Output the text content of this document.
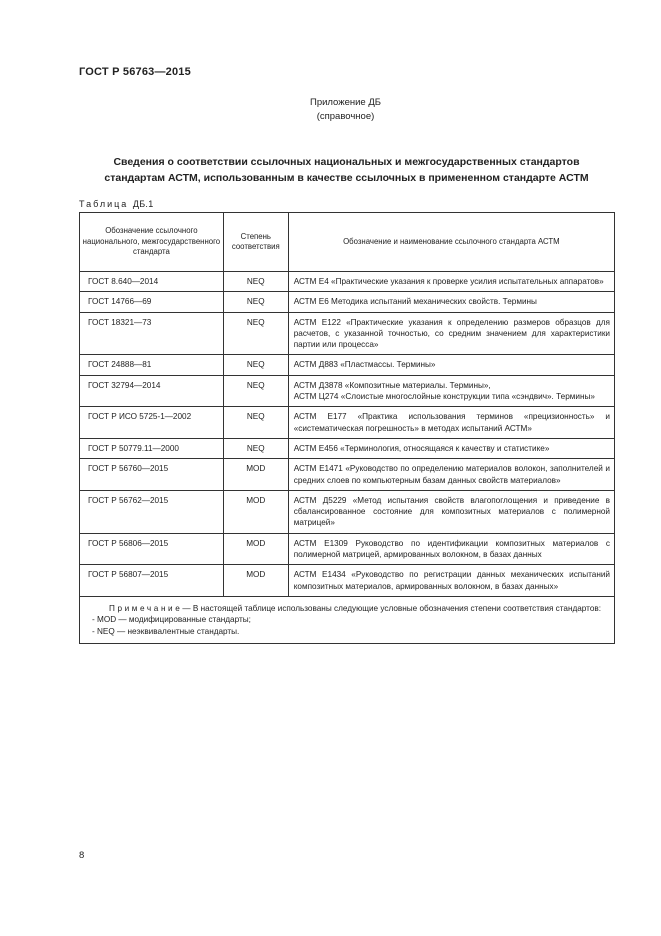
ГОСТ Р 56763—2015
Приложение ДБ
(справочное)
Сведения о соответствии ссылочных национальных и межгосударственных стандартов
стандартам АСТМ, использованным в качестве ссылочных в примененном стандарте АСТМ
Таблица ДБ.1
Обозначение ссылочного национального, межгосударственного стандарта	Степень соответствия	Обозначение и наименование ссылочного стандарта АСТМ
ГОСТ 8.640—2014	NEQ	АСТМ Е4 «Практические указания к проверке усилия испытательных аппаратов»
ГОСТ 14766—69	NEQ	АСТМ Е6 Методика испытаний механических свойств. Термины
ГОСТ 18321—73	NEQ	АСТМ Е122 «Практические указания к определению размеров образцов для расчетов, с указанной точностью, со средним значением для характеристики партии или процесса»
ГОСТ 24888—81	NEQ	АСТМ Д883 «Пластмассы. Термины»
ГОСТ 32794—2014	NEQ	АСТМ Д3878 «Композитные материалы. Термины»,
АСТМ Ц274 «Слоистые многослойные конструкции типа «сэндвич». Термины»
ГОСТ Р ИСО 5725-1—2002	NEQ	АСТМ Е177 «Практика использования терминов «прецизионность» и «систематическая погрешность» в методах испытаний АСТМ»
ГОСТ Р 50779.11—2000	NEQ	АСТМ Е456 «Терминология, относящаяся к качеству и статистике»
ГОСТ Р 56760—2015	MOD	АСТМ Е1471 «Руководство по определению материалов волокон, заполнителей и средних слоев по компьютерным базам данных свойств материалов»
ГОСТ Р 56762—2015	MOD	АСТМ Д5229 «Метод испытания свойств влагопоглощения и приведение в сбалансированное состояние для композитных материалов с полимерной матрицей»
ГОСТ Р 56806—2015	MOD	АСТМ Е1309 Руководство по идентификации композитных материалов с полимерной матрицей, армированных волокном, в базах данных
ГОСТ Р 56807—2015	MOD	АСТМ Е1434 «Руководство по регистрации данных механических испытаний композитных материалов, армированных волокном, в базах данных»

Примечание— В настоящей таблице использованы следующие условные обозначения степени соответствия стандартов:
- MOD — модифицированные стандарты;
- NEQ — неэквивалентные стандарты.		
8
